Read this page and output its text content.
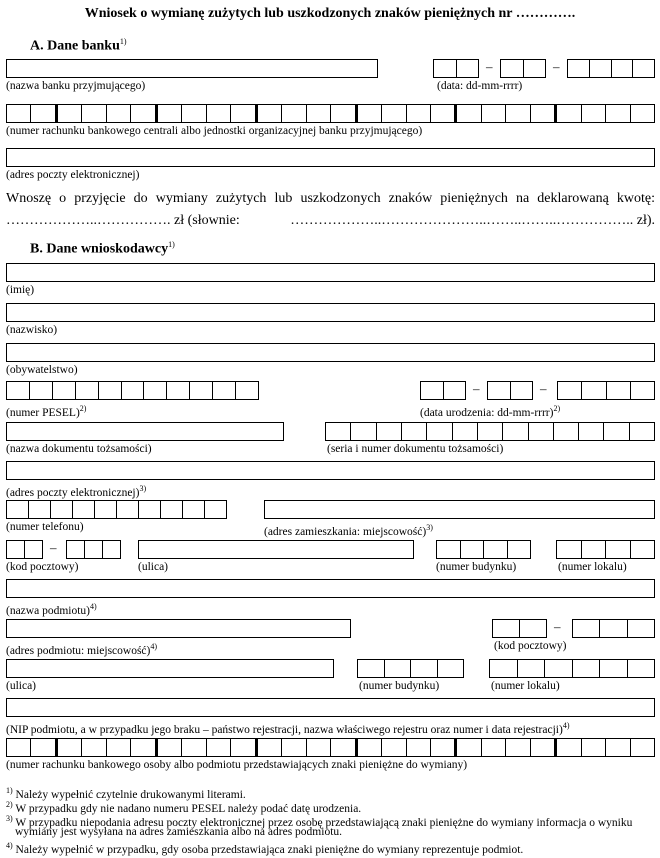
Wniosek o wymianę zużytych lub uszkodzonych znaków pieniężnych nr ………….
A. Dane banku$^{1)}$
(nazwa banku przyjmującego)
–	–
(data: dd-mm-rrrr)
(numer rachunku bankowego centrali albo jednostki organizacyjnej banku przyjmującego)
(adres poczty elektronicznej)
Wnoszę o przyjęcie do wymiany zużytych lub uszkodzonych znaków pieniężnych na deklarowaną kwotę:
………………..……………. zł (słownie:	………………..…………………..……..……..…………….. zł).
B. Dane wnioskodawcy$^{1)}$
(imię)
(nazwisko)
(obywatelstwo)
(numer PESEL)$^{2)}$
–	–
(data urodzenia: dd-mm-rrrr)$^{2)}$
(nazwa dokumentu tożsamości)	(seria i numer dokumentu tożsamości)
(adres poczty elektronicznej)$^{3)}$
(numer telefonu)	(adres zamieszkania: miejscowość)$^{3)}$
–
(kod pocztowy)	(ulica)	(numer budynku)	(numer lokalu)
(nazwa podmiotu)$^{4)}$
(adres podmiotu: miejscowość)$^{4)}$
–
(kod pocztowy)
(ulica)	(numer budynku)	(numer lokalu)
(NIP podmiotu, a w przypadku jego braku – państwo rejestracji, nazwa właściwego rejestru oraz numer i data rejestracji)$^{4)}$
(numer rachunku bankowego osoby albo podmiotu przedstawiających znaki pieniężne do wymiany)
$^{1)}$ Należy wypełnić czytelnie drukowanymi literami.
$^{2)}$ W przypadku gdy nie nadano numeru PESEL należy podać datę urodzenia.
$^{3)}$ W przypadku niepodania adresu poczty elektronicznej przez osobę przedstawiającą znaki pieniężne do wymiany informacja o wyniku
wymiany jest wysyłana na adres zamieszkania albo na adres podmiotu.
$^{4)}$ Należy wypełnić w przypadku, gdy osoba przedstawiająca znaki pieniężne do wymiany reprezentuje podmiot.
